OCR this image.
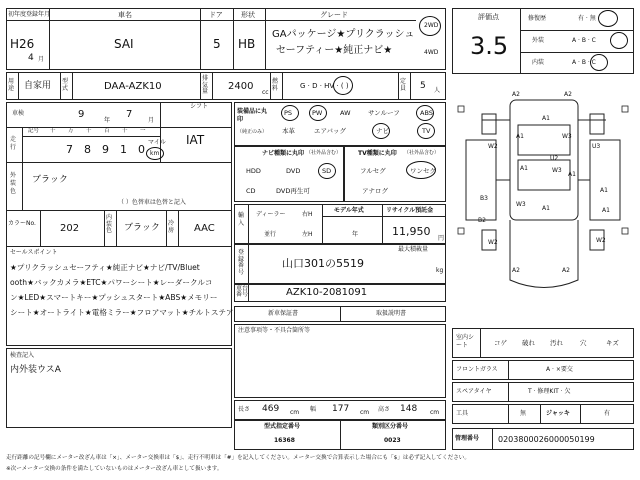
初年度登録年月
H26
4 月
車名
SAI
ドア
5
形状
HB
グレード
GAパッケージ★プリクラッシュ
セーフティー★純正ナビ★
2WD
4WD
用途 自家用 型式	DAA-AZK10
排気量 2400
cc
燃料	G · D · HV · ( )
定員 5 人
車検	9
年
7
月
シフト
IAT
走行
記号 十 万 千 百 十 一
7 8 9 1 0
マイル
km
外装色
ブラック
（ ）色替車は色替と記入
カラーNo. 202
内装色 ブラック 冷房 AAC
セールスポイント
★プリクラッシュセーフティ★純正ナビ★ナビ/TV/Bluet
ooth★バックカメラ★ETC★パワーシート★レーダークルコ
ン★LED★スマートキー★プッシュスタート★ABS★メモリー
シート★オートライト★電格ミラー★フロアマット★チルトステア
検査記入
内外装ウスA
装備品に丸印
（純正のみ）
PS	PW	AW	サンルーフ	ABS
本革	エアバッグ	ナビ	TV
ナビ種類に丸印 （社外品含む）
HDD	DVD	SD
CD	DVD再生可
TV種類に丸印 （社外品含む）
フルセグ	ワンセグ
アナログ
輸入
ディーラー
並行
右H
左H
モデル年式
年
リサイクル預託金
11,950
円
登録番号
最大積載量
山口301の5519
kg
車台番号	AZK10-2081091
新車保証書	取扱説明書
注意事項等・不具合箇所等
長さ 469 cm 幅 177 cm 高さ 148 cm
型式指定番号
16368
類別区分番号
0023
評価点
3.5
修復歴	有 · 無
外装	A · B · C
内装	A · B · C
A2	A2
A1
A1	W3
U2
W2	U3
A1	W3
A1
B3
B2
W3
A1
W2
A1
A1
W2
A2	A2
室内シート	コゲ 破れ 汚れ	穴	キズ
フロントガラス	A · ×要交
スペアタイヤ	T · 修理KIT · 欠
工具	無	ジャッキ	有
管理番号 0203800026000050199
走行距離の記号欄にメーター改ざん車は「×」、メーター交換車は「$」、走行不明車は「#」を記入してください。メーター交換で合算表示した場合にも「$」は必ず記入してください。
※次ーメーター交換の条件を満たしていないものはメーター改ざん車として扱います。
